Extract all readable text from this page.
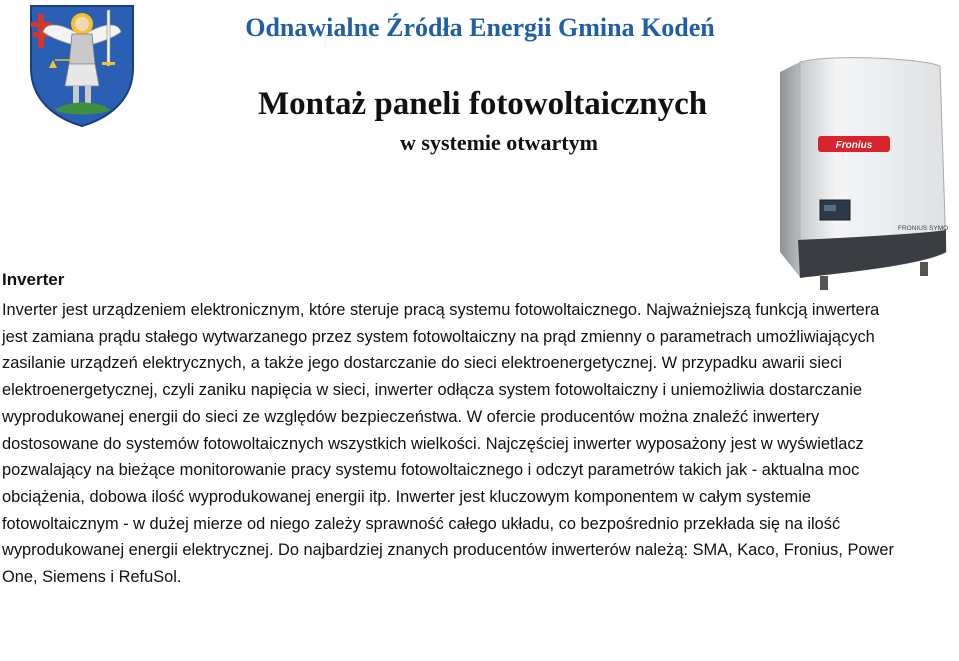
Odnawialne Źródła Energii Gmina Kodeń
Montaż paneli fotowoltaicznych
w systemie otwartym	Fronius
FRONIUS SYMO
Inverter

Inverter jest urządzeniem elektronicznym, które steruje pracą systemu fotowoltaicznego. Najważniejszą funkcją inwertera jest zamiana prądu stałego wytwarzanego przez system fotowoltaiczny na prąd zmienny o parametrach umożliwiających zasilanie urządzeń elektrycznych, a także jego dostarczanie do sieci elektroenergetycznej. W przypadku awarii sieci elektroenergetycznej, czyli zaniku napięcia w sieci, inwerter odłącza system fotowoltaiczny i uniemożliwia dostarczanie wyprodukowanej energii do sieci ze względów bezpieczeństwa. W ofercie producentów można znaleźć inwertery dostosowane do systemów fotowoltaicznych wszystkich wielkości. Najczęściej inwerter wyposażony jest w wyświetlacz pozwalający na bieżące monitorowanie pracy systemu fotowoltaicznego i odczyt parametrów takich jak - aktualna moc obciążenia, dobowa ilość wyprodukowanej energii itp. Inwerter jest kluczowym komponentem w całym systemie fotowoltaicznym - w dużej mierze od niego zależy sprawność całego układu, co bezpośrednio przekłada się na ilość wyprodukowanej energii elektrycznej. Do najbardziej znanych producentów inwerterów należą: SMA, Kaco, Fronius, Power One, Siemens i RefuSol.
